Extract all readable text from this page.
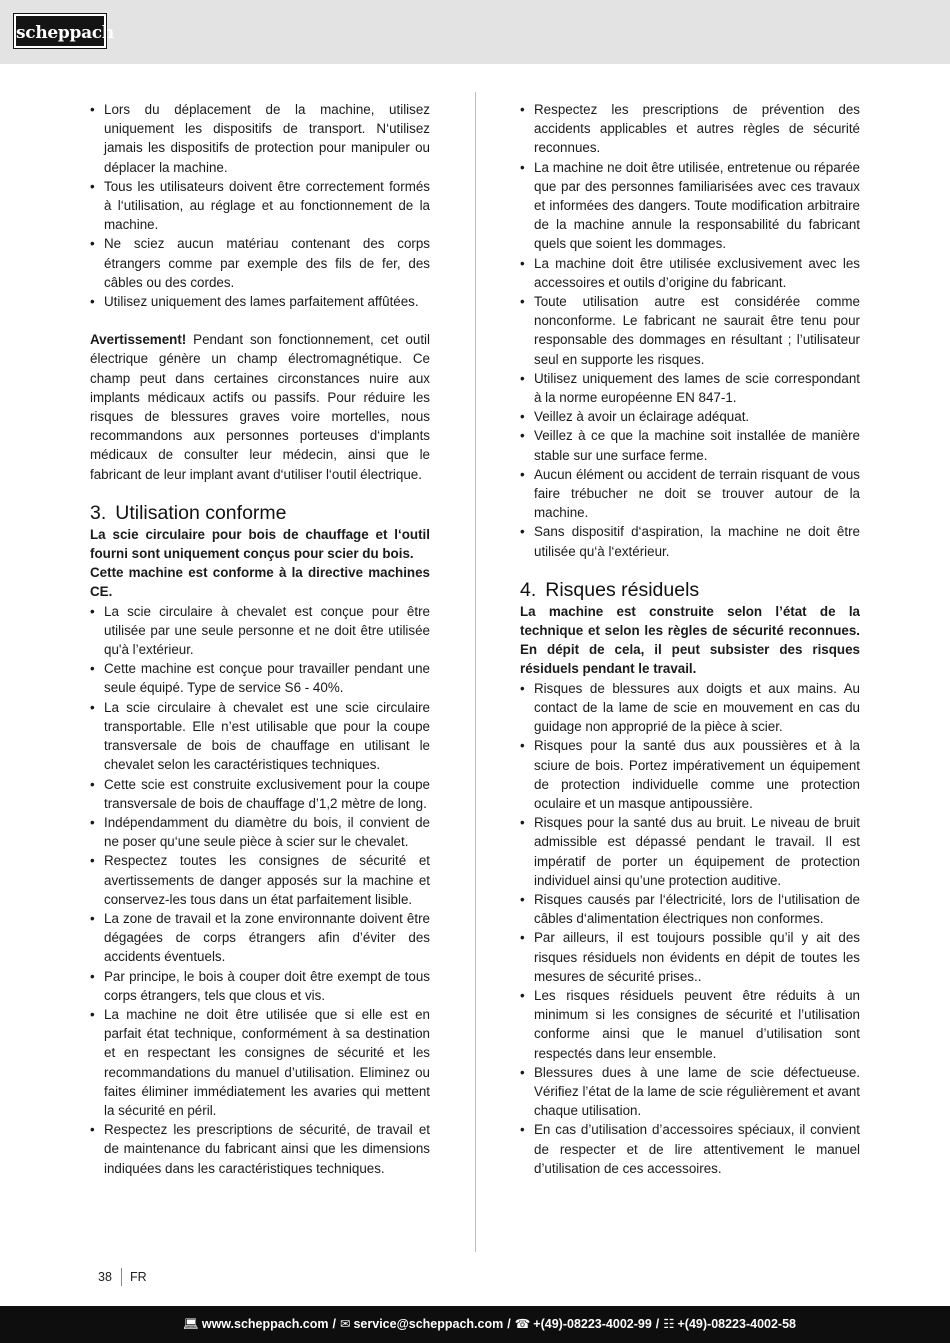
scheppach
• Lors du déplacement de la machine, utilisez uniquement les dispositifs de transport. N‘utilisez jamais les dispositifs de protection pour manipuler ou déplacer la machine.
• Tous les utilisateurs doivent être correctement formés à l‘utilisation, au réglage et au fonctionnement de la machine.
• Ne sciez aucun matériau contenant des corps étrangers comme par exemple des fils de fer, des câbles ou des cordes.
• Utilisez uniquement des lames parfaitement affûtées.

Avertissement! Pendant son fonctionnement, cet outil électrique génère un champ électromagnétique. Ce champ peut dans certaines circonstances nuire aux implants médicaux actifs ou passifs. Pour réduire les risques de blessures graves voire mortelles, nous recommandons aux personnes porteuses d‘implants médicaux de consulter leur médecin, ainsi que le fabricant de leur implant avant d‘utiliser l‘outil électrique.

3. Utilisation conforme

La scie circulaire pour bois de chauffage et l‘outil fourni sont uniquement conçus pour scier du bois.

Cette machine est conforme à la directive machines CE.

• La scie circulaire à chevalet est conçue pour être utilisée par une seule personne et ne doit être utilisée qu'à l’extérieur.
• Cette machine est conçue pour travailler pendant une seule équipé. Type de service S6 - 40%.
• La scie circulaire à chevalet est une scie circulaire transportable. Elle n’est utilisable que pour la coupe transversale de bois de chauffage en utilisant le chevalet selon les caractéristiques techniques.
• Cette scie est construite exclusivement pour la coupe transversale de bois de chauffage d’1,2 mètre de long.
• Indépendamment du diamètre du bois, il convient de ne poser qu‘une seule pièce à scier sur le chevalet.
• Respectez toutes les consignes de sécurité et avertissements de danger apposés sur la machine et conservez-les tous dans un état parfaitement lisible.
• La zone de travail et la zone environnante doivent être dégagées de corps étrangers afin d’éviter des accidents éventuels.
• Par principe, le bois à couper doit être exempt de tous corps étrangers, tels que clous et vis.
• La machine ne doit être utilisée que si elle est en parfait état technique, conformément à sa destination et en respectant les consignes de sécurité et les recommandations du manuel d’utilisation. Eliminez ou faites éliminer immédiatement les avaries qui mettent la sécurité en péril.
• Respectez les prescriptions de sécurité, de travail et de maintenance du fabricant ainsi que les dimensions indiquées dans les caractéristiques techniques.
• Respectez les prescriptions de prévention des accidents applicables et autres règles de sécurité reconnues.
• La machine ne doit être utilisée, entretenue ou réparée que par des personnes familiarisées avec ces travaux et informées des dangers. Toute modification arbitraire de la machine annule la responsabilité du fabricant quels que soient les dommages.
• La machine doit être utilisée exclusivement avec les accessoires et outils d’origine du fabricant.
• Toute utilisation autre est considérée comme nonconforme. Le fabricant ne saurait être tenu pour responsable des dommages en résultant ; l’utilisateur seul en supporte les risques.
• Utilisez uniquement des lames de scie correspondant à la norme européenne EN 847-1.
• Veillez à avoir un éclairage adéquat.
• Veillez à ce que la machine soit installée de manière stable sur une surface ferme.
• Aucun élément ou accident de terrain risquant de vous faire trébucher ne doit se trouver autour de la machine.
• Sans dispositif d‘aspiration, la machine ne doit être utilisée qu‘à l‘extérieur.
4. Risques résiduels

La machine est construite selon l’état de la technique et selon les règles de sécurité reconnues. En dépit de cela, il peut subsister des risques résiduels pendant le travail.

• Risques de blessures aux doigts et aux mains. Au contact de la lame de scie en mouvement en cas du guidage non approprié de la pièce à scier.
• Risques pour la santé dus aux poussières et à la sciure de bois. Portez impérativement un équipement de protection individuelle comme une protection oculaire et un masque antipoussière.
• Risques pour la santé dus au bruit. Le niveau de bruit admissible est dépassé pendant le travail. Il est impératif de porter un équipement de protection individuel ainsi qu’une protection auditive.
• Risques causés par l‘électricité, lors de l‘utilisation de câbles d‘alimentation électriques non conformes.
• Par ailleurs, il est toujours possible qu’il y ait des risques résiduels non évidents en dépit de toutes les mesures de sécurité prises..
• Les risques résiduels peuvent être réduits à un minimum si les consignes de sécurité et l’utilisation conforme ainsi que le manuel d’utilisation sont respectés dans leur ensemble.
• Blessures dues à une lame de scie défectueuse. Vérifiez l’état de la lame de scie régulièrement et avant chaque utilisation.
• En cas d’utilisation d’accessoires spéciaux, il convient de respecter et de lire attentivement le manuel d’utilisation de ces accessoires.
38 FR
💻︎ www.scheppach.com / ✉︎ service@scheppach.com / ☎︎ +(49)-08223-4002-99 / ☷ +(49)-08223-4002-58
